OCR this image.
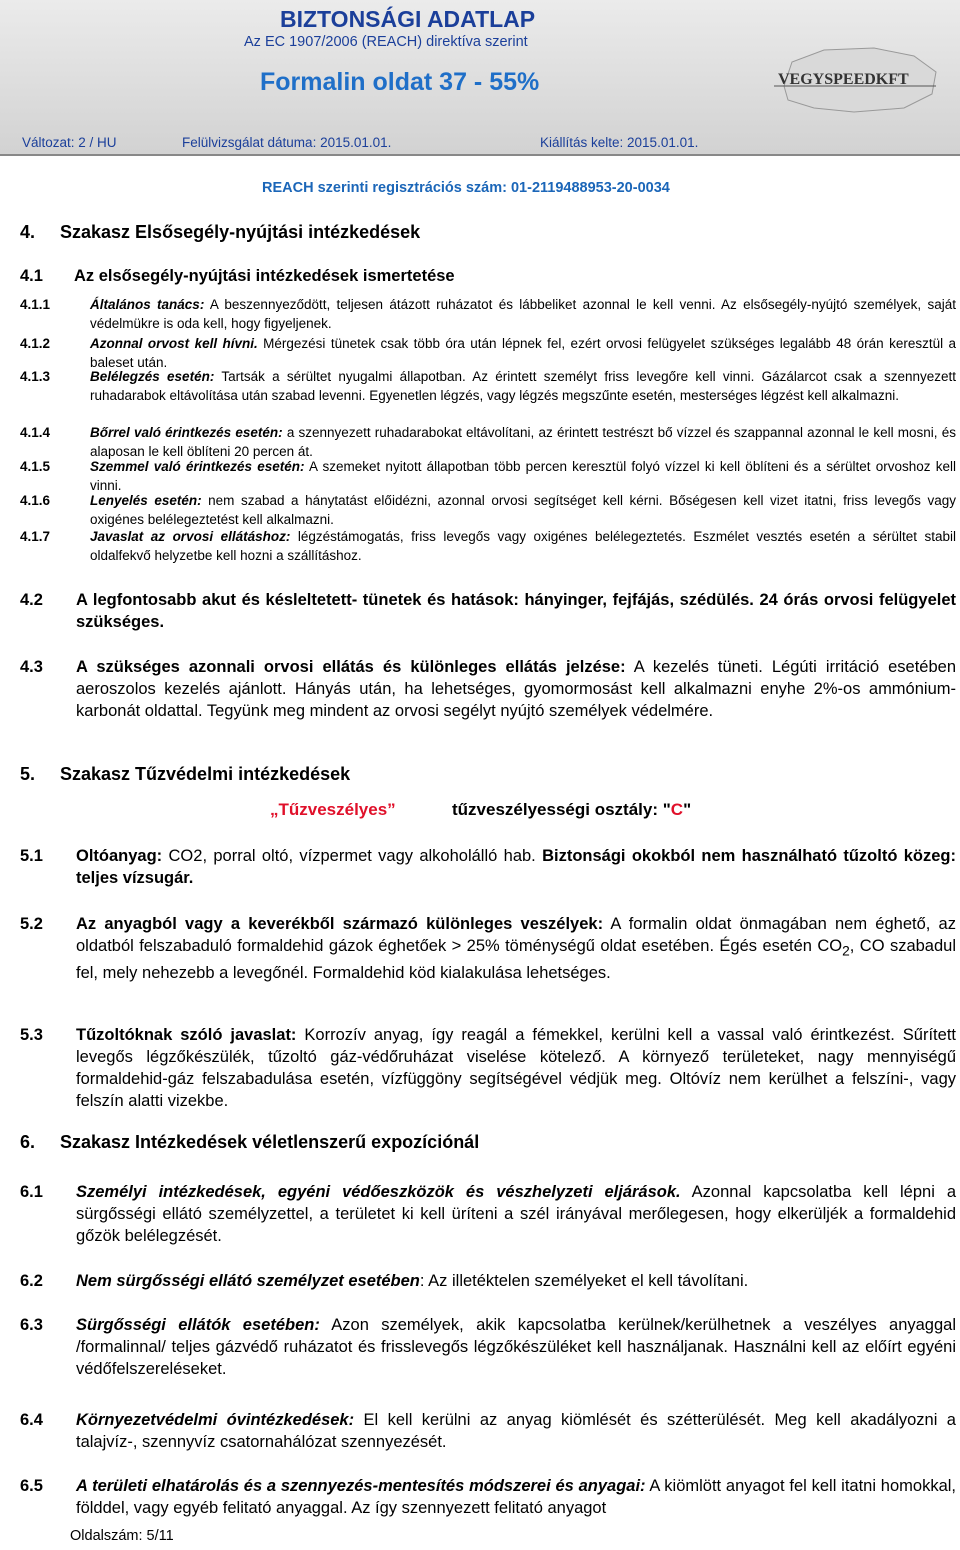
BIZTONSÁGI ADATLAP
Az EC 1907/2006 (REACH) direktíva szerint
Formalin oldat 37 - 55%	VEGYSPEEDKFT
Változat: 2 / HU	Felülvizsgálat dátuma: 2015.01.01.	Kiállítás kelte: 2015.01.01.
REACH szerinti regisztrációs szám: 01-2119488953-20-0034
4. Szakasz Elsősegély-nyújtási intézkedések
4.1 Az elsősegély-nyújtási intézkedések ismertetése
4.1.1	Általános tanács: A beszennyeződött, teljesen átázott ruházatot és lábbeliket azonnal le kell venni. Az elsősegély-nyújtó személyek, saját védelmükre is oda kell, hogy figyeljenek.
4.1.2	Azonnal orvost kell hívni. Mérgezési tünetek csak több óra után lépnek fel, ezért orvosi felügyelet szükséges legalább 48 órán keresztül a baleset után.
4.1.3	Belélegzés esetén: Tartsák a sérültet nyugalmi állapotban. Az érintett személyt friss levegőre kell vinni. Gázálarcot csak a szennyezett ruhadarabok eltávolítása után szabad levenni. Egyenetlen légzés, vagy légzés megszűnte esetén, mesterséges légzést kell alkalmazni.
4.1.4	Bőrrel való érintkezés esetén: a szennyezett ruhadarabokat eltávolítani, az érintett testrészt bő vízzel és szappannal azonnal le kell mosni, és alaposan le kell öblíteni 20 percen át.
4.1.5	Szemmel való érintkezés esetén: A szemeket nyitott állapotban több percen keresztül folyó vízzel ki kell öblíteni és a sérültet orvoshoz kell vinni.
4.1.6	Lenyelés esetén: nem szabad a hánytatást előidézni, azonnal orvosi segítséget kell kérni. Bőségesen kell vizet itatni, friss levegős vagy oxigénes belélegeztetést kell alkalmazni.
4.1.7	Javaslat az orvosi ellátáshoz: légzéstámogatás, friss levegős vagy oxigénes belélegeztetés. Eszmélet vesztés esetén a sérültet stabil oldalfekvő helyzetbe kell hozni a szállításhoz.
4.2 A legfontosabb akut és késleltetett- tünetek és hatások: hányinger, fejfájás, szédülés. 24 órás orvosi felügyelet szükséges.
4.3 A szükséges azonnali orvosi ellátás és különleges ellátás jelzése: A kezelés tüneti. Légúti irritáció esetében aeroszolos kezelés ajánlott. Hányás után, ha lehetséges, gyomormosást kell alkalmazni enyhe 2%-os ammónium-karbonát oldattal. Tegyünk meg mindent az orvosi segélyt nyújtó személyek védelmére.
5. Szakasz Tűzvédelmi intézkedések
„Tűzveszélyes”	tűzveszélyességi osztály: "C"
5.1 Oltóanyag: CO2, porral oltó, vízpermet vagy alkoholálló hab. Biztonsági okokból nem használható tűzoltó közeg: teljes vízsugár.
5.2 Az anyagból vagy a keverékből származó különleges veszélyek: A formalin oldat önmagában nem éghető, az oldatból felszabaduló formaldehid gázok éghetőek > 25% töménységű oldat esetében. Égés esetén $CO_2$, CO szabadul fel, mely nehezebb a levegőnél. Formaldehid köd kialakulása lehetséges.
5.3 Tűzoltóknak szóló javaslat: Korrozív anyag, így reagál a fémekkel, kerülni kell a vassal való érintkezést. Sűrített levegős légzőkészülék, tűzoltó gáz-védőruházat viselése kötelező. A környező területeket, nagy mennyiségű formaldehid-gáz felszabadulása esetén, vízfüggöny segítségével védjük meg. Oltóvíz nem kerülhet a felszíni-, vagy felszín alatti vizekbe.
6. Szakasz Intézkedések véletlenszerű expozíciónál
6.1 Személyi intézkedések, egyéni védőeszközök és vészhelyzeti eljárások. Azonnal kapcsolatba kell lépni a sürgősségi ellátó személyzettel, a területet ki kell üríteni a szél irányával merőlegesen, hogy elkerüljék a formaldehid gőzök belélegzését.
6.2 Nem sürgősségi ellátó személyzet esetében: Az illetéktelen személyeket el kell távolítani.
6.3 Sürgősségi ellátók esetében: Azon személyek, akik kapcsolatba kerülnek/kerülhetnek a veszélyes anyaggal /formalinnal/ teljes gázvédő ruházatot és frisslevegős légzőkészüléket kell használjanak. Használni kell az előírt egyéni védőfelszereléseket.
6.4 Környezetvédelmi óvintézkedések: El kell kerülni az anyag kiömlését és szétterülését. Meg kell akadályozni a talajvíz-, szennyvíz csatornahálózat szennyezését.
6.5 A területi elhatárolás és a szennyezés-mentesítés módszerei és anyagai: A kiömlött anyagot fel kell itatni homokkal, földdel, vagy egyéb felitató anyaggal. Az így szennyezett felitató anyagot
Oldalszám: 5/11
